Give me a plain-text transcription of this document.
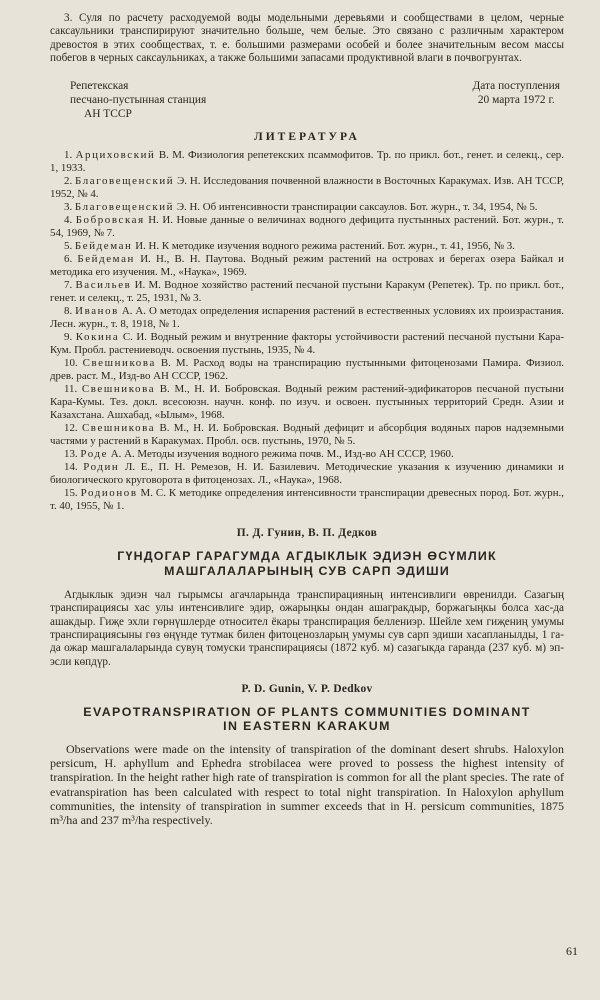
3. Суля по расчету расходуемой воды модельными деревьями и сообществами в целом, черные саксаульники транспирируют значительно больше, чем белые. Это связано с различным характером древостоя в этих сообществах, т. е. большими размерами особей и более значительным весом массы побегов в черных саксаульниках, а также большими запасами продуктивной влаги в почвогрунтах.

Репетекская
песчано-пустынная станция
АН ТССР
Дата поступления
20 марта 1972 г.
ЛИТЕРАТУРА

1. Арциховский В. М. Физиология репетекских псаммофитов. Тр. по прикл. бот., генет. и селекц., сер. 1, 1933.

2. Благовещенский Э. Н. Исследования почвенной влажности в Восточных Каракумах. Изв. АН ТССР, 1952, № 4.

3. Благовещенский Э. Н. Об интенсивности транспирации саксаулов. Бот. журн., т. 34, 1954, № 5.

4. Бобровская Н. И. Новые данные о величинах водного дефицита пустынных растений. Бот. журн., т. 54, 1969, № 7.

5. Бейдеман И. Н. К методике изучения водного режима растений. Бот. журн., т. 41, 1956, № 3.

6. Бейдеман И. Н., В. Н. Паутова. Водный режим растений на островах и берегах озера Байкал и методика его изучения. М., «Наука», 1969.

7. Васильев И. М. Водное хозяйство растений песчаной пустыни Каракум (Репетек). Тр. по прикл. бот., генет. и селекц., т. 25, 1931, № 3.

8. Иванов А. А. О методах определения испарения растений в естественных условиях их произрастания. Лесн. журн., т. 8, 1918, № 1.

9. Кокина С. И. Водный режим и внутренние факторы устойчивости растений песчаной пустыни Кара-Кум. Пробл. растениеводч. освоения пустынь, 1935, № 4.

10. Свешникова В. М. Расход воды на транспирацию пустынными фитоценозами Памира. Физиол. древ. раст. М., Изд-во АН СССР, 1962.

11. Свешникова В. М., Н. И. Бобровская. Водный режим растений-эдификаторов песчаной пустыни Кара-Кумы. Тез. докл. всесоюзн. научн. конф. по изуч. и освоен. пустынных территорий Средн. Азии и Казахстана. Ашхабад, «Ылым», 1968.

12. Свешникова В. М., Н. И. Бобровская. Водный дефицит и абсорбция водяных паров надземными частями у растений в Каракумах. Пробл. осв. пустынь, 1970, № 5.

13. Роде А. А. Методы изучения водного режима почв. М., Изд-во АН СССР, 1960.

14. Родин Л. Е., П. Н. Ремезов, Н. И. Базилевич. Методические указания к изучению динамики и биологического круговорота в фитоценозах. Л., «Наука», 1968.

15. Родионов М. С. К методике определения интенсивности транспирации древесных пород. Бот. журн., т. 40, 1955, № 1.

П. Д. Гунин, В. П. Дедков
ГҮНДОГАР ГАРАГУМДА АГДЫКЛЫК ЭДИЭН ӨСҮМЛИК
МАШГАЛАЛАРЫНЫҢ СУВ САРП ЭДИШИ

Агдыклык эдиэн чал гырымсы агачларында транспирацияның интенсивлиги өвренилди. Сазагың транспирациясы хас улы интенсивлиге эдир, ожарыңкы ондан ашагракдыр, боржагыңкы болса хас-да ашакдыр. Гиҗе эхли гөрнүшлерде относител ёкары транспирация беллениэр. Шейле хем гиҗениң умумы транспирациясыны гөз өңүнде тутмак билен фитоценозларың умумы сув сарп эдиши хасапланылды, 1 га-да ожар машгалаларында сувуң томуски транспирациясы (1872 куб. м) сазагыкда гаранда (237 куб. м) эп-эсли көпдүр.

P. D. Gunin, V. P. Dedkov
EVAPOTRANSPIRATION OF PLANTS COMMUNITIES DOMINANT
IN EASTERN KARAKUM

Observations were made on the intensity of transpiration of the dominant desert shrubs. Haloxylon persicum, H. aphyllum and Ephedra strobilacea were proved to possess the highest intensity of transpiration. In the height rather high rate of transpiration is common for all the plant species. The rate of evatranspiration has been calculated with respect to total night transpiration. In Haloxylon aphyllum communities, the intensity of transpiration in summer exceeds that in H. persicum communities, 1875 m³/ha and 237 m³/ha respectively.

61
